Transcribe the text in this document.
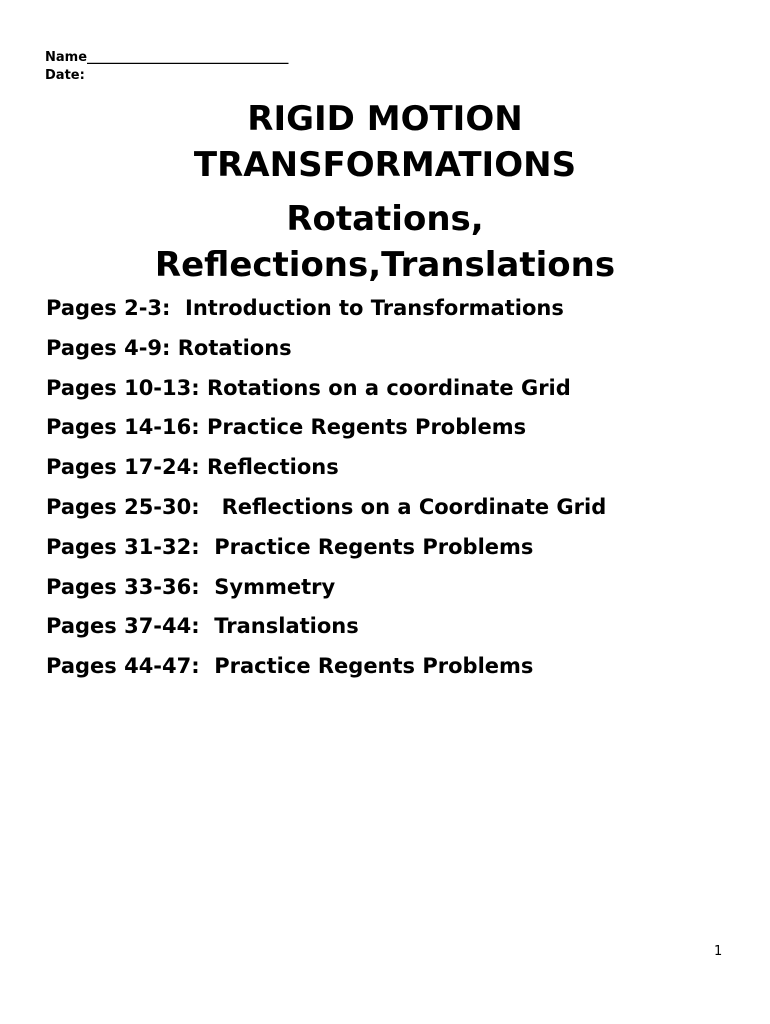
Name_______________________________
Date:
RIGID MOTION
TRANSFORMATIONS
Rotations,
Reflections,Translations
Pages 2-3:  Introduction to Transformations
Pages 4-9: Rotations
Pages 10-13: Rotations on a coordinate Grid
Pages 14-16: Practice Regents Problems
Pages 17-24: Reflections
Pages 25-30:   Reflections on a Coordinate Grid
Pages 31-32:  Practice Regents Problems
Pages 33-36:  Symmetry
Pages 37-44:  Translations
Pages 44-47:  Practice Regents Problems
1
